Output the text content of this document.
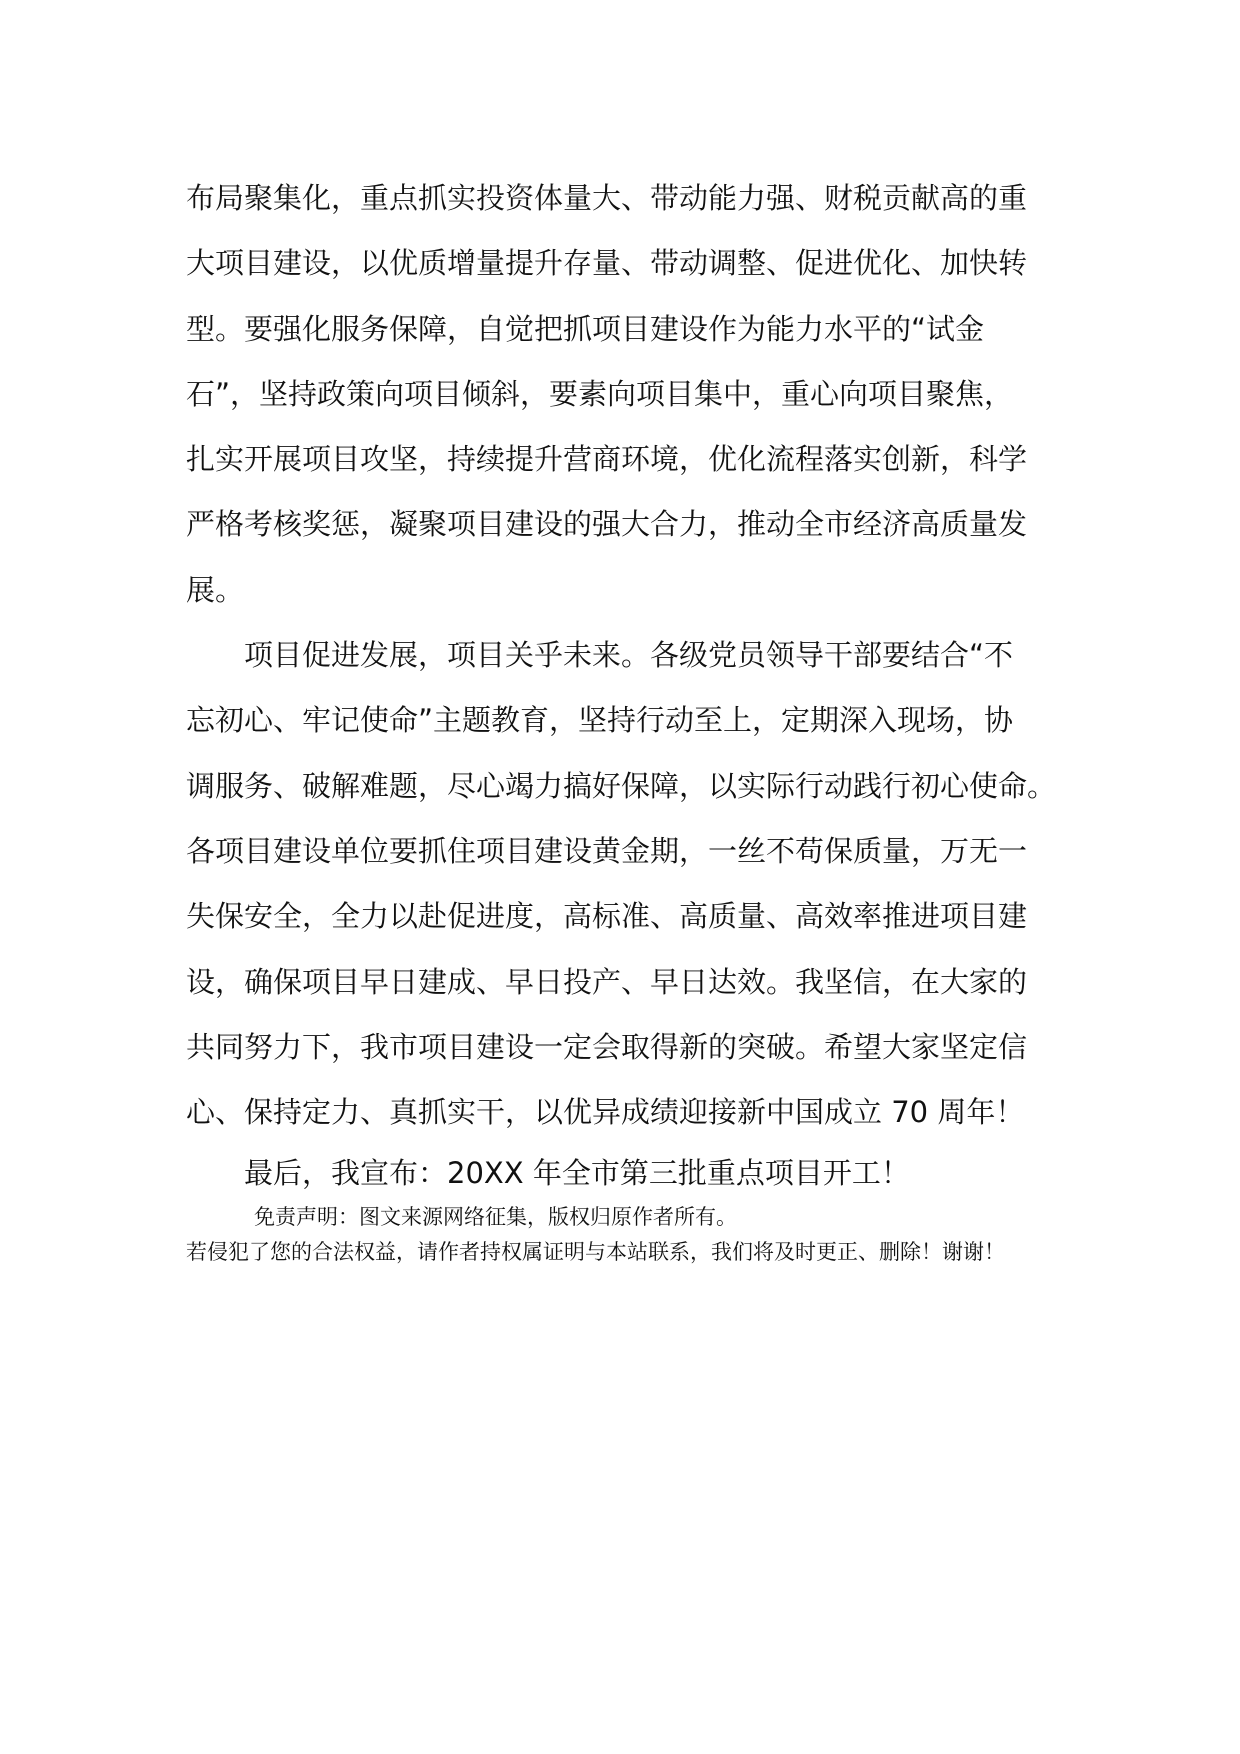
布局聚集化，重点抓实投资体量大、带动能力强、财税贡献高的重
大项目建设，以优质增量提升存量、带动调整、促进优化、加快转
型。要强化服务保障，自觉把抓项目建设作为能力水平的“试金
石”，坚持政策向项目倾斜，要素向项目集中，重心向项目聚焦，
扎实开展项目攻坚，持续提升营商环境，优化流程落实创新，科学
严格考核奖惩，凝聚项目建设的强大合力，推动全市经济高质量发
展。
项目促进发展，项目关乎未来。各级党员领导干部要结合“不
忘初心、牢记使命”主题教育，坚持行动至上，定期深入现场，协
调服务、破解难题，尽心竭力搞好保障，以实际行动践行初心使命。
各项目建设单位要抓住项目建设黄金期，一丝不苟保质量，万无一
失保安全，全力以赴促进度，高标准、高质量、高效率推进项目建
设，确保项目早日建成、早日投产、早日达效。我坚信，在大家的
共同努力下，我市项目建设一定会取得新的突破。希望大家坚定信
心、保持定力、真抓实干，以优异成绩迎接新中国成立 70 周年！
最后，我宣布：20XX 年全市第三批重点项目开工！
免责声明：图文来源网络征集，版权归原作者所有。
若侵犯了您的合法权益，请作者持权属证明与本站联系，我们将及时更正、删除！谢谢！
